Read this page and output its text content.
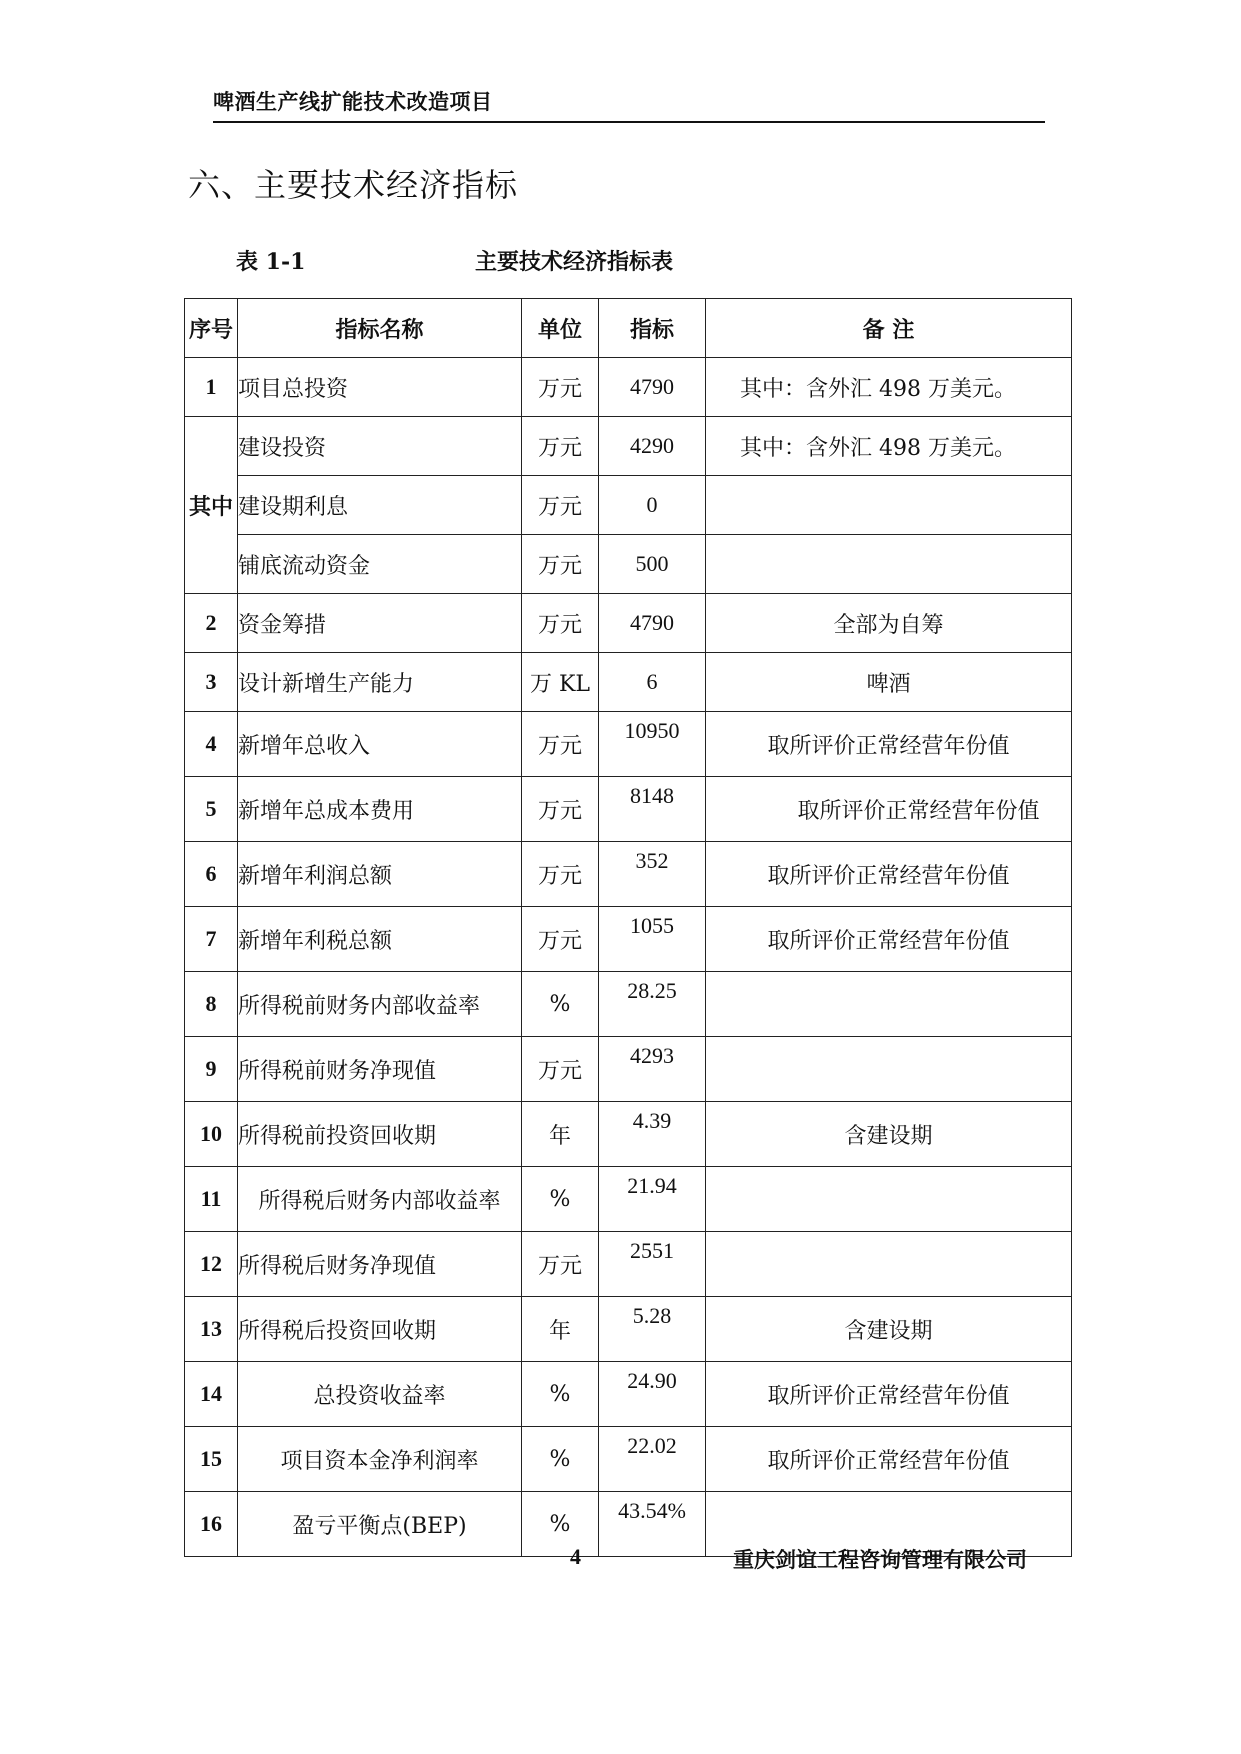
啤酒生产线扩能技术改造项目
六、主要技术经济指标
表 1-1	主要技术经济指标表
序号	指标名称	单位	指标	备 注
1	项目总投资	万元	4790	其中：含外汇 498 万美元。
其中	建设投资	万元	4290	其中：含外汇 498 万美元。
	建设期利息	万元	0	
	铺底流动资金	万元	500	
2	资金筹措	万元	4790	全部为自筹
3	设计新增生产能力	万 KL	6	啤酒
4	新增年总收入	万元	10950	取所评价正常经营年份值
5	新增年总成本费用	万元	8148	取所评价正常经营年份值
6	新增年利润总额	万元	352	取所评价正常经营年份值
7	新增年利税总额	万元	1055	取所评价正常经营年份值
8	所得税前财务内部收益率	%	28.25	
9	所得税前财务净现值	万元	4293	
10	所得税前投资回收期	年	4.39	含建设期
11	所得税后财务内部收益率	%	21.94	
12	所得税后财务净现值	万元	2551	
13	所得税后投资回收期	年	5.28	含建设期
14	总投资收益率	%	24.90	取所评价正常经营年份值
15	项目资本金净利润率	%	22.02	取所评价正常经营年份值
16	盈亏平衡点(BEP)	%	43.54%	
4	重庆剑谊工程咨询管理有限公司
